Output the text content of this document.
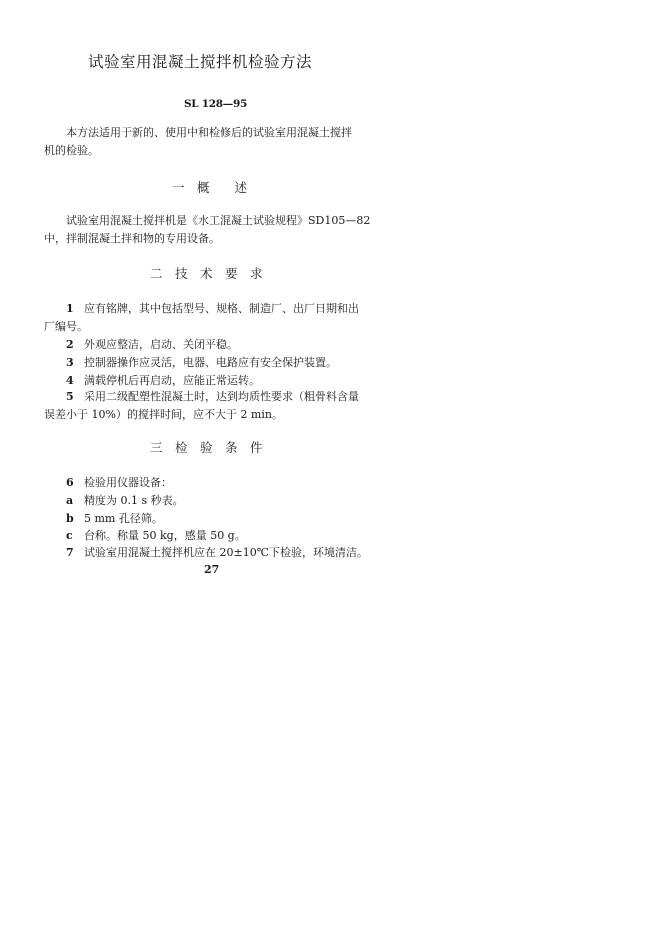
试验室用混凝土搅拌机检验方法
SL 128—95
本方法适用于新的、使用中和检修后的试验室用混凝土搅拌
机的检验。
一　概　　述
试验室用混凝土搅拌机是《水工混凝土试验规程》SD105—82
中，拌制混凝土拌和物的专用设备。
二　技　术　要　求
1 应有铭牌，其中包括型号、规格、制造厂、出厂日期和出
厂编号。
2 外观应整洁，启动、关闭平稳。
3 控制器操作应灵活，电器、电路应有安全保护装置。
4 满载停机后再启动，应能正常运转。
5 采用二级配塑性混凝土时，达到均质性要求（粗骨料含量
误差小于 10%）的搅拌时间，应不大于 2 min。
三　检　验　条　件
6 检验用仪器设备：
a 精度为 0.1 s 秒表。
b 5 mm 孔径筛。
c 台称。称量 50 kg，感量 50 g。
7 试验室用混凝土搅拌机应在 20±10℃下检验，环境清洁。
27
